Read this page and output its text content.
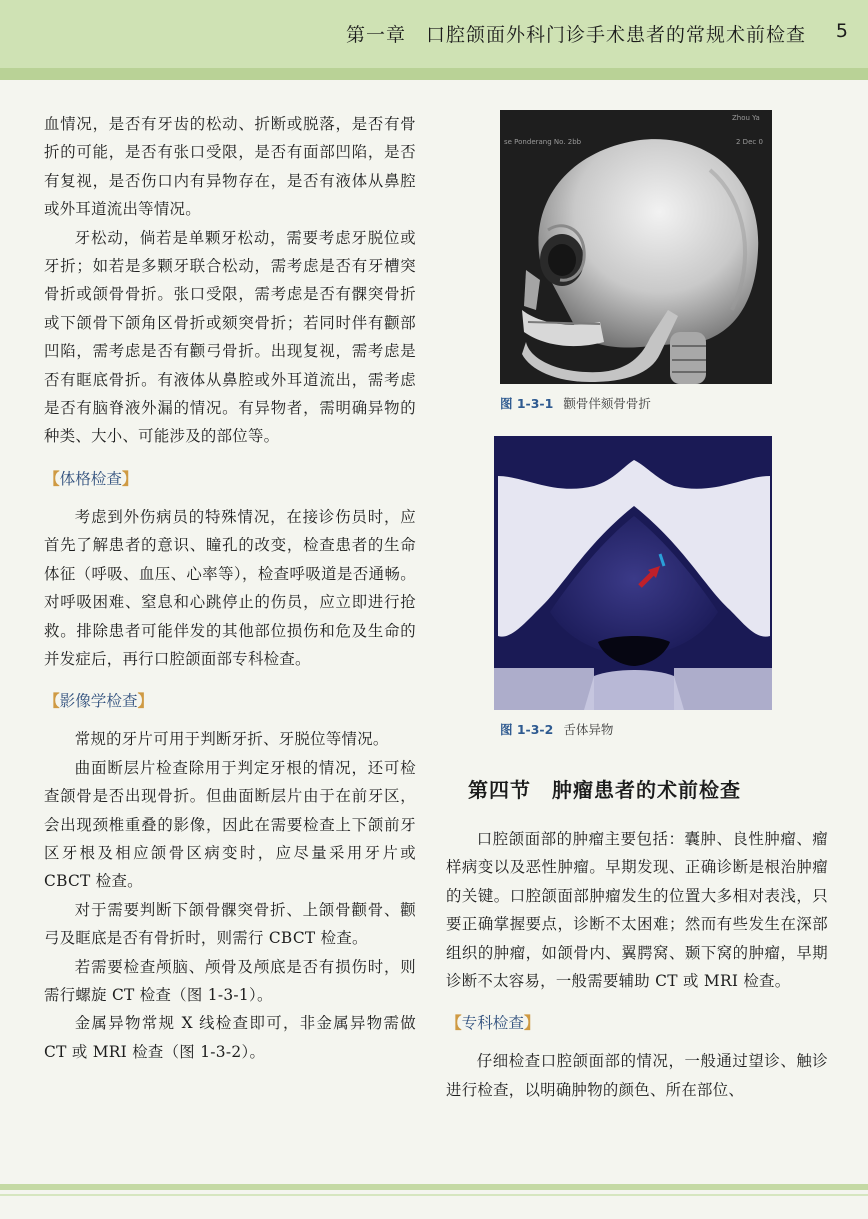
第一章　口腔颌面外科门诊手术患者的常规术前检查 5

血情况，是否有牙齿的松动、折断或脱落，是否有骨折的可能，是否有张口受限，是否有面部凹陷，是否有复视，是否伤口内有异物存在，是否有液体从鼻腔或外耳道流出等情况。

牙松动，倘若是单颗牙松动，需要考虑牙脱位或牙折；如若是多颗牙联合松动，需考虑是否有牙槽突骨折或颌骨骨折。张口受限，需考虑是否有髁突骨折或下颌骨下颌角区骨折或颏突骨折；若同时伴有颧部凹陷，需考虑是否有颧弓骨折。出现复视，需考虑是否有眶底骨折。有液体从鼻腔或外耳道流出，需考虑是否有脑脊液外漏的情况。有异物者，需明确异物的种类、大小、可能涉及的部位等。

【体格检查】

考虑到外伤病员的特殊情况，在接诊伤员时，应首先了解患者的意识、瞳孔的改变，检查患者的生命体征（呼吸、血压、心率等），检查呼吸道是否通畅。对呼吸困难、窒息和心跳停止的伤员，应立即进行抢救。排除患者可能伴发的其他部位损伤和危及生命的并发症后，再行口腔颌面部专科检查。

【影像学检查】

常规的牙片可用于判断牙折、牙脱位等情况。

曲面断层片检查除用于判定牙根的情况，还可检查颌骨是否出现骨折。但曲面断层片由于在前牙区，会出现颈椎重叠的影像，因此在需要检查上下颌前牙区牙根及相应颌骨区病变时，应尽量采用牙片或 CBCT 检查。

对于需要判断下颌骨髁突骨折、上颌骨颧骨、颧弓及眶底是否有骨折时，则需行 CBCT 检查。

若需要检查颅脑、颅骨及颅底是否有损伤时，则需行螺旋 CT 检查（图 1-3-1）。

金属异物常规 X 线检查即可，非金属异物需做 CT 或 MRI 检查（图 1-3-2）。

Zhou Ya
se Ponderang No. 2bb	2 Dec 0
图 1-3-1 颧骨伴颏骨骨折
图 1-3-2 舌体异物
第四节　肿瘤患者的术前检查

口腔颌面部的肿瘤主要包括：囊肿、良性肿瘤、瘤样病变以及恶性肿瘤。早期发现、正确诊断是根治肿瘤的关键。口腔颌面部肿瘤发生的位置大多相对表浅，只要正确掌握要点，诊断不太困难；然而有些发生在深部组织的肿瘤，如颌骨内、翼腭窝、颞下窝的肿瘤，早期诊断不太容易，一般需要辅助 CT 或 MRI 检查。

【专科检查】

仔细检查口腔颌面部的情况，一般通过望诊、触诊进行检查，以明确肿物的颜色、所在部位、
